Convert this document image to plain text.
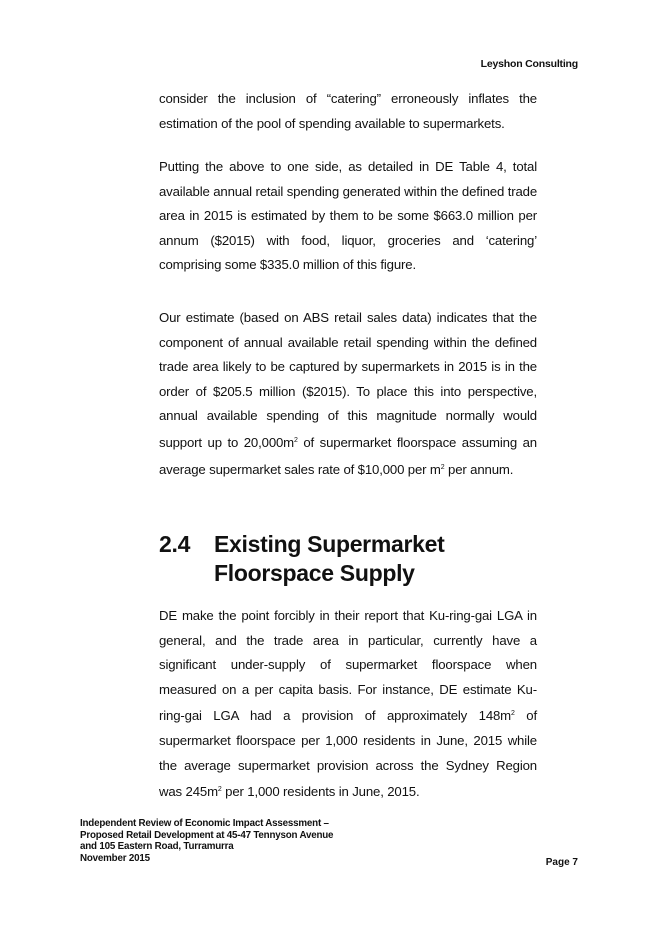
Leyshon Consulting
consider the inclusion of “catering” erroneously inflates the estimation of the pool of spending available to supermarkets.
Putting the above to one side, as detailed in DE Table 4, total available annual retail spending generated within the defined trade area in 2015 is estimated by them to be some $663.0 million per annum ($2015) with food, liquor, groceries and ‘catering’ comprising some $335.0 million of this figure.
Our estimate (based on ABS retail sales data) indicates that the component of annual available retail spending within the defined trade area likely to be captured by supermarkets in 2015 is in the order of $205.5 million ($2015). To place this into perspective, annual available spending of this magnitude normally would support up to $20,000m^2$ of supermarket floorspace assuming an average supermarket sales rate of $10,000 per $m^2$ per annum.
2.4 Existing Supermarket Floorspace Supply
DE make the point forcibly in their report that Ku-ring-gai LGA in general, and the trade area in particular, currently have a significant under-supply of supermarket floorspace when measured on a per capita basis. For instance, DE estimate Ku-ring-gai LGA had a provision of approximately $148m^2$ of supermarket floorspace per 1,000 residents in June, 2015 while the average supermarket provision across the Sydney Region was $245m^2$ per 1,000 residents in June, 2015.
Independent Review of Economic Impact Assessment –
Proposed Retail Development at 45-47 Tennyson Avenue
and 105 Eastern Road, Turramurra
November 2015	Page 7
